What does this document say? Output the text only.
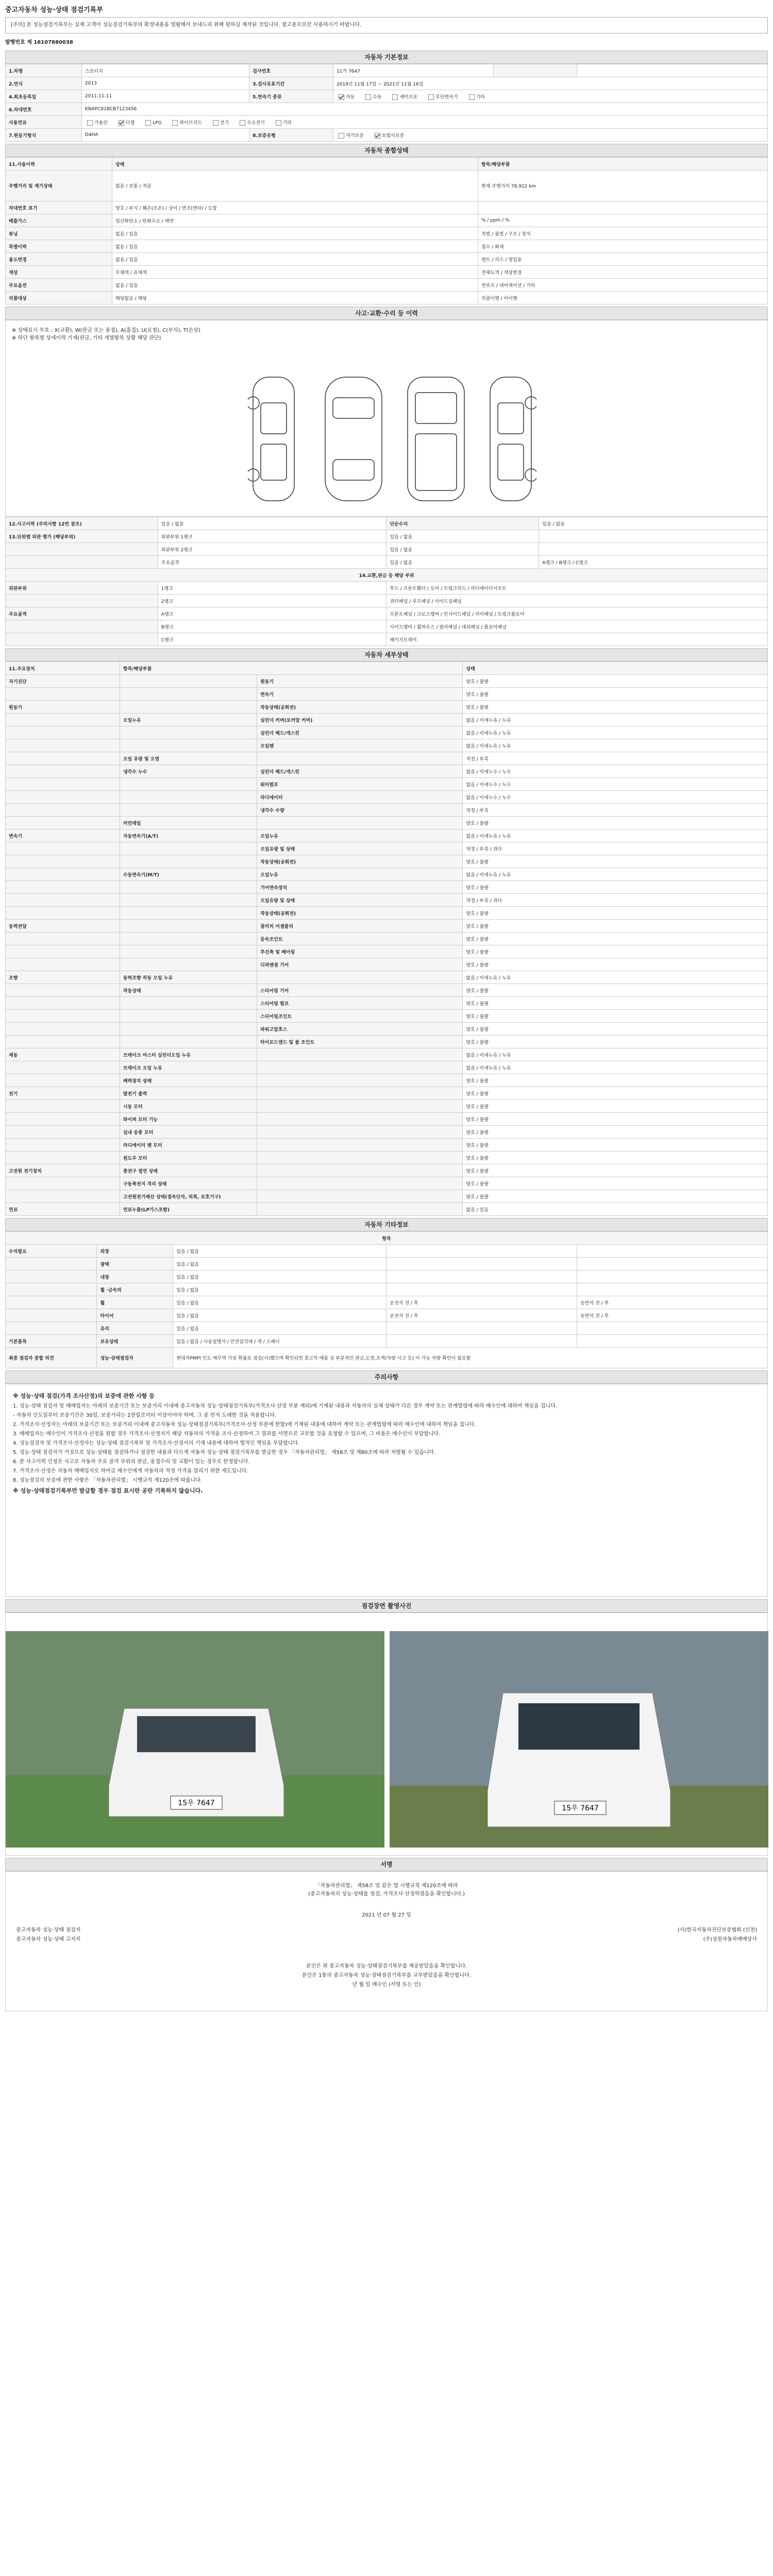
중고자동차 성능·상태 점검기록부
[주의] 본 성능점검기록부는 실제 고객이 성능점검기록부의 확정내용을 열람해서 보내드리 위해 원하실 제작된 것입니다. 참고용으로만 사용하시기 바랍니다.
발행번호 제 16107880038
자동차 기본정보
1.차명	스포티지	검사번호	11가 7647		
2.연식	2013	3.검사유효기간	2019년 11월 17일 ~ 2021년 11월 16일		
4.최초등록일	2011-11-11	5.변속기 종류	자동 수동 세미오토 무단변속기 기타		
6.차대번호	KNAPC81BCB7123456				
사용연료	가솔린 디젤 LPG 하이브리드 전기 수소전기 기타				
7.원동기형식	D4HA	8.보증유형	자가보증 보험사보증		
자동차 종합상태
11.사용이력	상태	항목/해당부품
주행거리 및 계기상태	많음 / 보통 / 적음	현재 주행거리 78,922 km
차대번호 표기	양호 / 부식 / 훼손(오손) / 상이 / 변조(변타) / 도말	
배출가스	일산화탄소 / 탄화수소 / 매연	% / ppm / %
튜닝	없음 / 있음	적법 / 불법 / 구조 / 장치
특별이력	없음 / 있음	침수 / 화재
용도변경	없음 / 있음	렌트 / 리스 / 영업용
색상	무채색 / 유채색	전체도색 / 색상변경
주요옵션	없음 / 있음	썬루프 / 네비게이션 / 기타
리콜대상	해당없음 / 해당	리콜이행 / 미이행
사고·교환·수리 등 이력
※ 상태표시 부호 : X(교환), W(판금 또는 용접), A(흠집), U(요철), C(부식), T(손상)
※ 하단 항목별 상세이력 기재(판금, 기타 개별항목 상황 해당 판단)
12.사고이력 (주의사항 12번 참조)	있음 / 없음	단순수리	있음 / 없음
13.단위별 외관 평가 (해당부위)	외판부위 1랭크	있음 / 없음	
	외판부위 2랭크	있음 / 없음	
	주요골격	있음 / 없음	A랭크 / B랭크 / C랭크
14.교환,판금 등 해당 부위			
외판부위	1랭크	후드 / 프론트휀더 / 도어 / 트렁크리드 / 라디에이터서포트	
	2랭크	쿼터패널 / 루프패널 / 사이드실패널	
주요골격	A랭크	프론트패널 / 크로스멤버 / 인사이드패널 / 리어패널 / 트렁크플로어	
	B랭크	사이드멤버 / 휠하우스 / 필러패널 / 대쉬패널 / 플로어패널	
	C랭크	패키지트레이	
자동차 세부상태
11.주요장치	항목/해당부품		상태
자기진단		원동기	양호 / 불량
		변속기	양호 / 불량
원동기		작동상태(공회전)	양호 / 불량
	오일누유	실린더 커버(로커암 커버)	없음 / 미세누유 / 누유
		실린더 헤드/개스킷	없음 / 미세누유 / 누유
		오일팬	없음 / 미세누유 / 누유
	오일 유량 및 오염		적정 / 부족
	냉각수 누수	실린더 헤드/개스킷	없음 / 미세누수 / 누수
		워터펌프	없음 / 미세누수 / 누수
		라디에이터	없음 / 미세누수 / 누수
		냉각수 수량	적정 / 부족
	커먼레일		양호 / 불량
변속기	자동변속기(A/T)	오일누유	없음 / 미세누유 / 누유
		오일유량 및 상태	적정 / 부족 / 과다
		작동상태(공회전)	양호 / 불량
	수동변속기(M/T)	오일누유	없음 / 미세누유 / 누유
		기어변속장치	양호 / 불량
		오일유량 및 상태	적정 / 부족 / 과다
		작동상태(공회전)	양호 / 불량
동력전달		클러치 어셈블리	양호 / 불량
		등속조인트	양호 / 불량
		추진축 및 베어링	양호 / 불량
		디퍼렌셜 기어	양호 / 불량
조향	동력조향 작동 오일 누유		없음 / 미세누유 / 누유
	작동상태	스티어링 기어	양호 / 불량
		스티어링 펌프	양호 / 불량
		스티어링조인트	양호 / 불량
		파워고압호스	양호 / 불량
		타이로드엔드 및 볼 조인트	양호 / 불량
제동	브레이크 마스터 실린더오일 누유		없음 / 미세누유 / 누유
	브레이크 오일 누유		없음 / 미세누유 / 누유
	배력장치 상태		양호 / 불량
전기	발전기 출력		양호 / 불량
	시동 모터		양호 / 불량
	와이퍼 모터 기능		양호 / 불량
	실내 송풍 모터		양호 / 불량
	라디에이터 팬 모터		양호 / 불량
	윈도우 모터		양호 / 불량
고전원 전기장치	충전구 절연 상태		양호 / 불량
	구동축전지 격리 상태		양호 / 불량
	고전원전기배선 상태(접속단자, 피복, 보호기구)		양호 / 불량
연료	연료누출(LP가스포함)		없음 / 있음
자동차 기타정보
항목				
수리필요	외장	있음 / 없음		
	광택	있음 / 없음		
	내장	있음 / 없음		
	휠 ·금속의	있음 / 없음		
	휠	있음 / 없음	운전석 전 / 후	동반석 전 / 후
	타이어	있음 / 없음	운전석 전 / 후	동반석 전 / 후
	유리	있음 / 없음		
기본품목	보유상태	있음 / 없음 / 사용설명서 / 안전삼각대 / 잭 / 스패너		
최종 점검자 종합 의견	성능·상태점검자	현대차PMPI 인도 매무역 가상 확률로 점검(시)했으며 확인되면 중고차 매물 상 부분적인 판금,도장,조색(차량 사고 등) 이 가능 차량 확인이 필요함		
주의사항
※ 성능·상태 점검(가격 조사산정)의 보증에 관한 사항 등

1. 성능·상태 점검자 및 매매업자는 아래의 보증기간 또는 보증거리 이내에 중고자동차 성능·상태점검기록부(가격조사·산정 부분 제외)에 기재된 내용과 자동차의 실제 상태가 다른 경우 계약 또는 관계법령에 따라 매수인에 대하여 책임을 집니다.

- 자동차 인도일부터 보증기간은 30일, 보증거리는 2천킬로미터 이상이어야 하며, 그 중 먼저 도래한 것을 적용합니다.

2. 가격조사·산정자는 아래의 보증기간 또는 보증거리 이내에 중고자동차 성능·상태점검기록부(가격조사·산정 부분에 한함)에 기재된 내용에 대하여 계약 또는 관계법령에 따라 매수인에 대하여 책임을 집니다.

3. 매매업자는 매수인이 가격조사·산정을 원할 경우 가격조사·산정자가 해당 자동차의 가격을 조사·산정하여 그 결과를 서면으로 교부할 것을 요청할 수 있으며, 그 비용은 매수인이 부담합니다.

4. 성능점검자 및 가격조사·산정자는 성능·상태 점검기록부 및 가격조사·산정서의 기재 내용에 대하여 법적인 책임을 부담합니다.

5. 성능·상태 점검자가 거짓으로 성능·상태를 점검하거나 점검한 내용과 다르게 자동차 성능·상태 점검기록부를 발급한 경우 「자동차관리법」 제58조 및 제80조에 따라 처벌될 수 있습니다.

6. 본 사고이력 인정은 사고로 자동차 주요 골격 부위의 판금, 용접수리 및 교환이 있는 경우로 한정합니다.

7. 가격조사·산정은 자동차 매매업자로 하여금 매수인에게 자동차의 적정 가격을 알리기 위한 제도입니다.

8. 성능점검의 보증에 관한 사항은 「자동차관리법」 시행규칙 제120조에 따릅니다.

※ 성능·상태점검기록부만 발급할 경우 점검 표시란 공란 기록하지 않습니다.
점검장면 촬영사진
15우 7647
15우 7647
서명
「자동차관리법」 제58조 및 같은 법 시행규칙 제120조에 따라
(중고자동차의 성능·상태를 점검, 가격조사·산정하였음을 확인합니다.)
2021 년 07 월 27 일
중고자동차 성능·상태 점검자
중고자동차 성능·상태 고지자
(사)한국자동차진단보증협회 (인천)
(주)성원자동차매매상사
본인은 위 중고자동차 성능·상태점검기록부를 제공받았음을 확인합니다.
본인은 1통의 중고자동차 성능·상태점검기록부를 교부받았음을 확인합니다.
년 월 일 매수인 (서명 또는 인)
